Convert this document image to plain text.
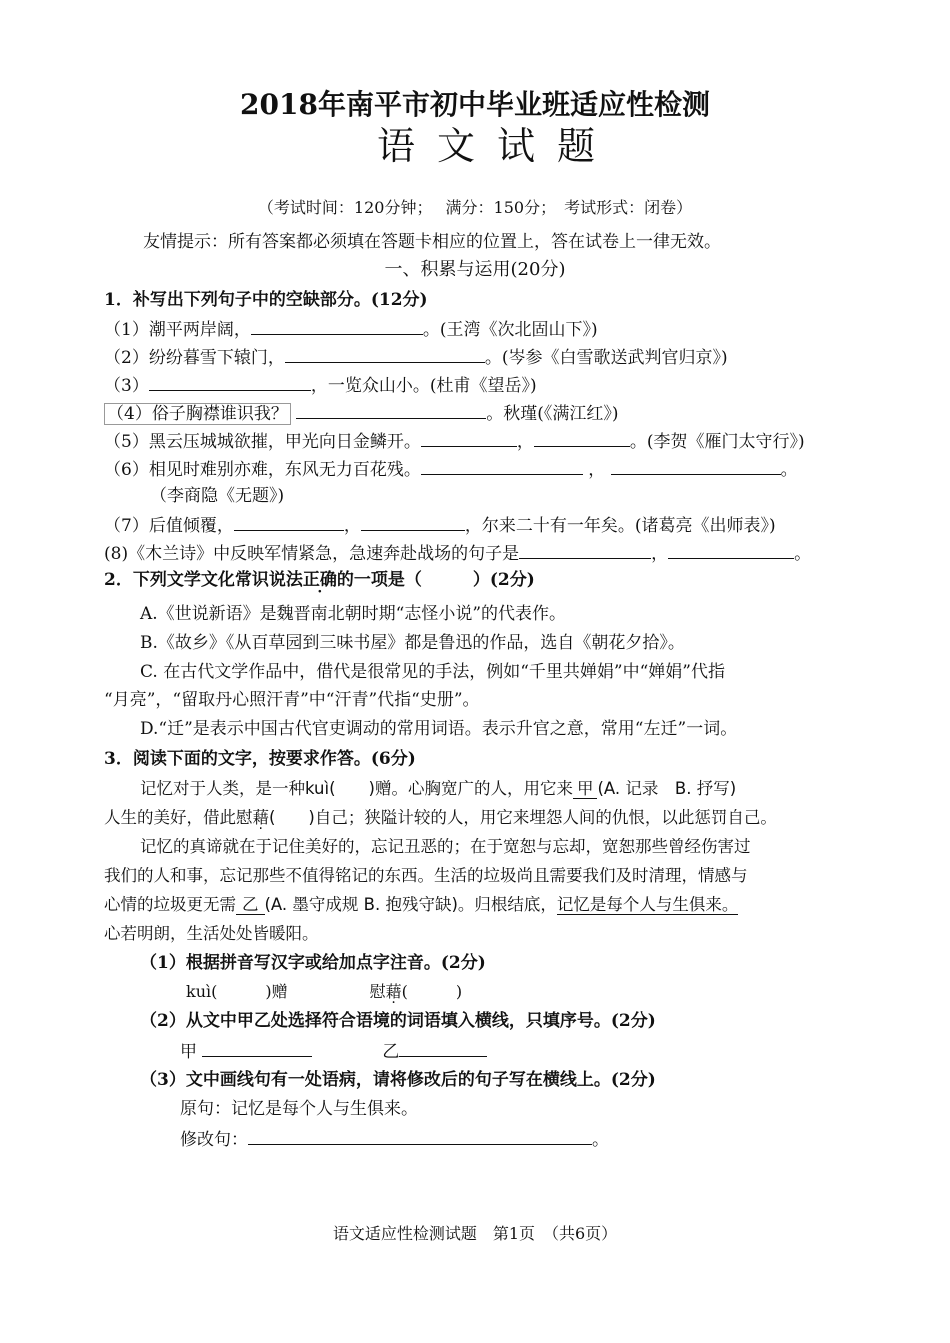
2018年南平市初中毕业班适应性检测
语文试题
（考试时间：120分钟；　 满分：150分；　考试形式：闭卷）
友情提示：所有答案都必须填在答题卡相应的位置上，答在试卷上一律无效。
一、积累与运用(20分)
1．补写出下列句子中的空缺部分。(12分)
（1）潮平两岸阔，	。(王湾《次北固山下》)
（2）纷纷暮雪下辕门，	。(岑参《白雪歌送武判官归京》)
（3）	，一览众山小。(杜甫《望岳》)
（4）俗子胸襟谁识我？	。秋瑾(《满江红》)
（5）黑云压城城欲摧，甲光向日金鳞开。	，	。(李贺《雁门太守行》)
（6）相见时难别亦难，东风无力百花残。	，	。
（李商隐《无题》)
（7）后值倾覆，	，	，尔来二十有一年矣。(诸葛亮《出师表》)
(8)《木兰诗》中反映军情紧急，急速奔赴战场的句子是	，	。
2．下列文学文化常识说法正确的一项是（　　　）(2分)
A.《世说新语》是魏晋南北朝时期“志怪小说”的代表作。
B.《故乡》《从百草园到三味书屋》都是鲁迅的作品，选自《朝花夕拾》。
C. 在古代文学作品中，借代是很常见的手法，例如“千里共婵娟”中“婵娟”代指
“月亮”，“留取丹心照汗青”中“汗青”代指“史册”。
D.“迁”是表示中国古代官吏调动的常用词语。表示升官之意，常用“左迁”一词。
3．阅读下面的文字，按要求作答。(6分)
记忆对于人类，是一种kuì(　　)赠。心胸宽广的人，用它来 甲 (A. 记录　B. 抒写)
人生的美好，借此慰藉(　　)自己；狭隘计较的人，用它来埋怨人间的仇恨，以此惩罚自己。
记忆的真谛就在于记住美好的，忘记丑恶的；在于宽恕与忘却，宽恕那些曾经伤害过
我们的人和事，忘记那些不值得铭记的东西。生活的垃圾尚且需要我们及时清理，情感与
心情的垃圾更无需 乙 (A. 墨守成规 B. 抱残守缺)。归根结底，记忆是每个人与生俱来。
心若明朗，生活处处皆暖阳。
（1）根据拼音写汉字或给加点字注音。(2分)
kuì(　　　)赠	慰藉(　　　)
（2）从文中甲乙处选择符合语境的词语填入横线，只填序号。(2分)
甲	乙
（3）文中画线句有一处语病，请将修改后的句子写在横线上。(2分)
原句：记忆是每个人与生俱来。
修改句：	。
语文适应性检测试题　第1页　（共6页）
